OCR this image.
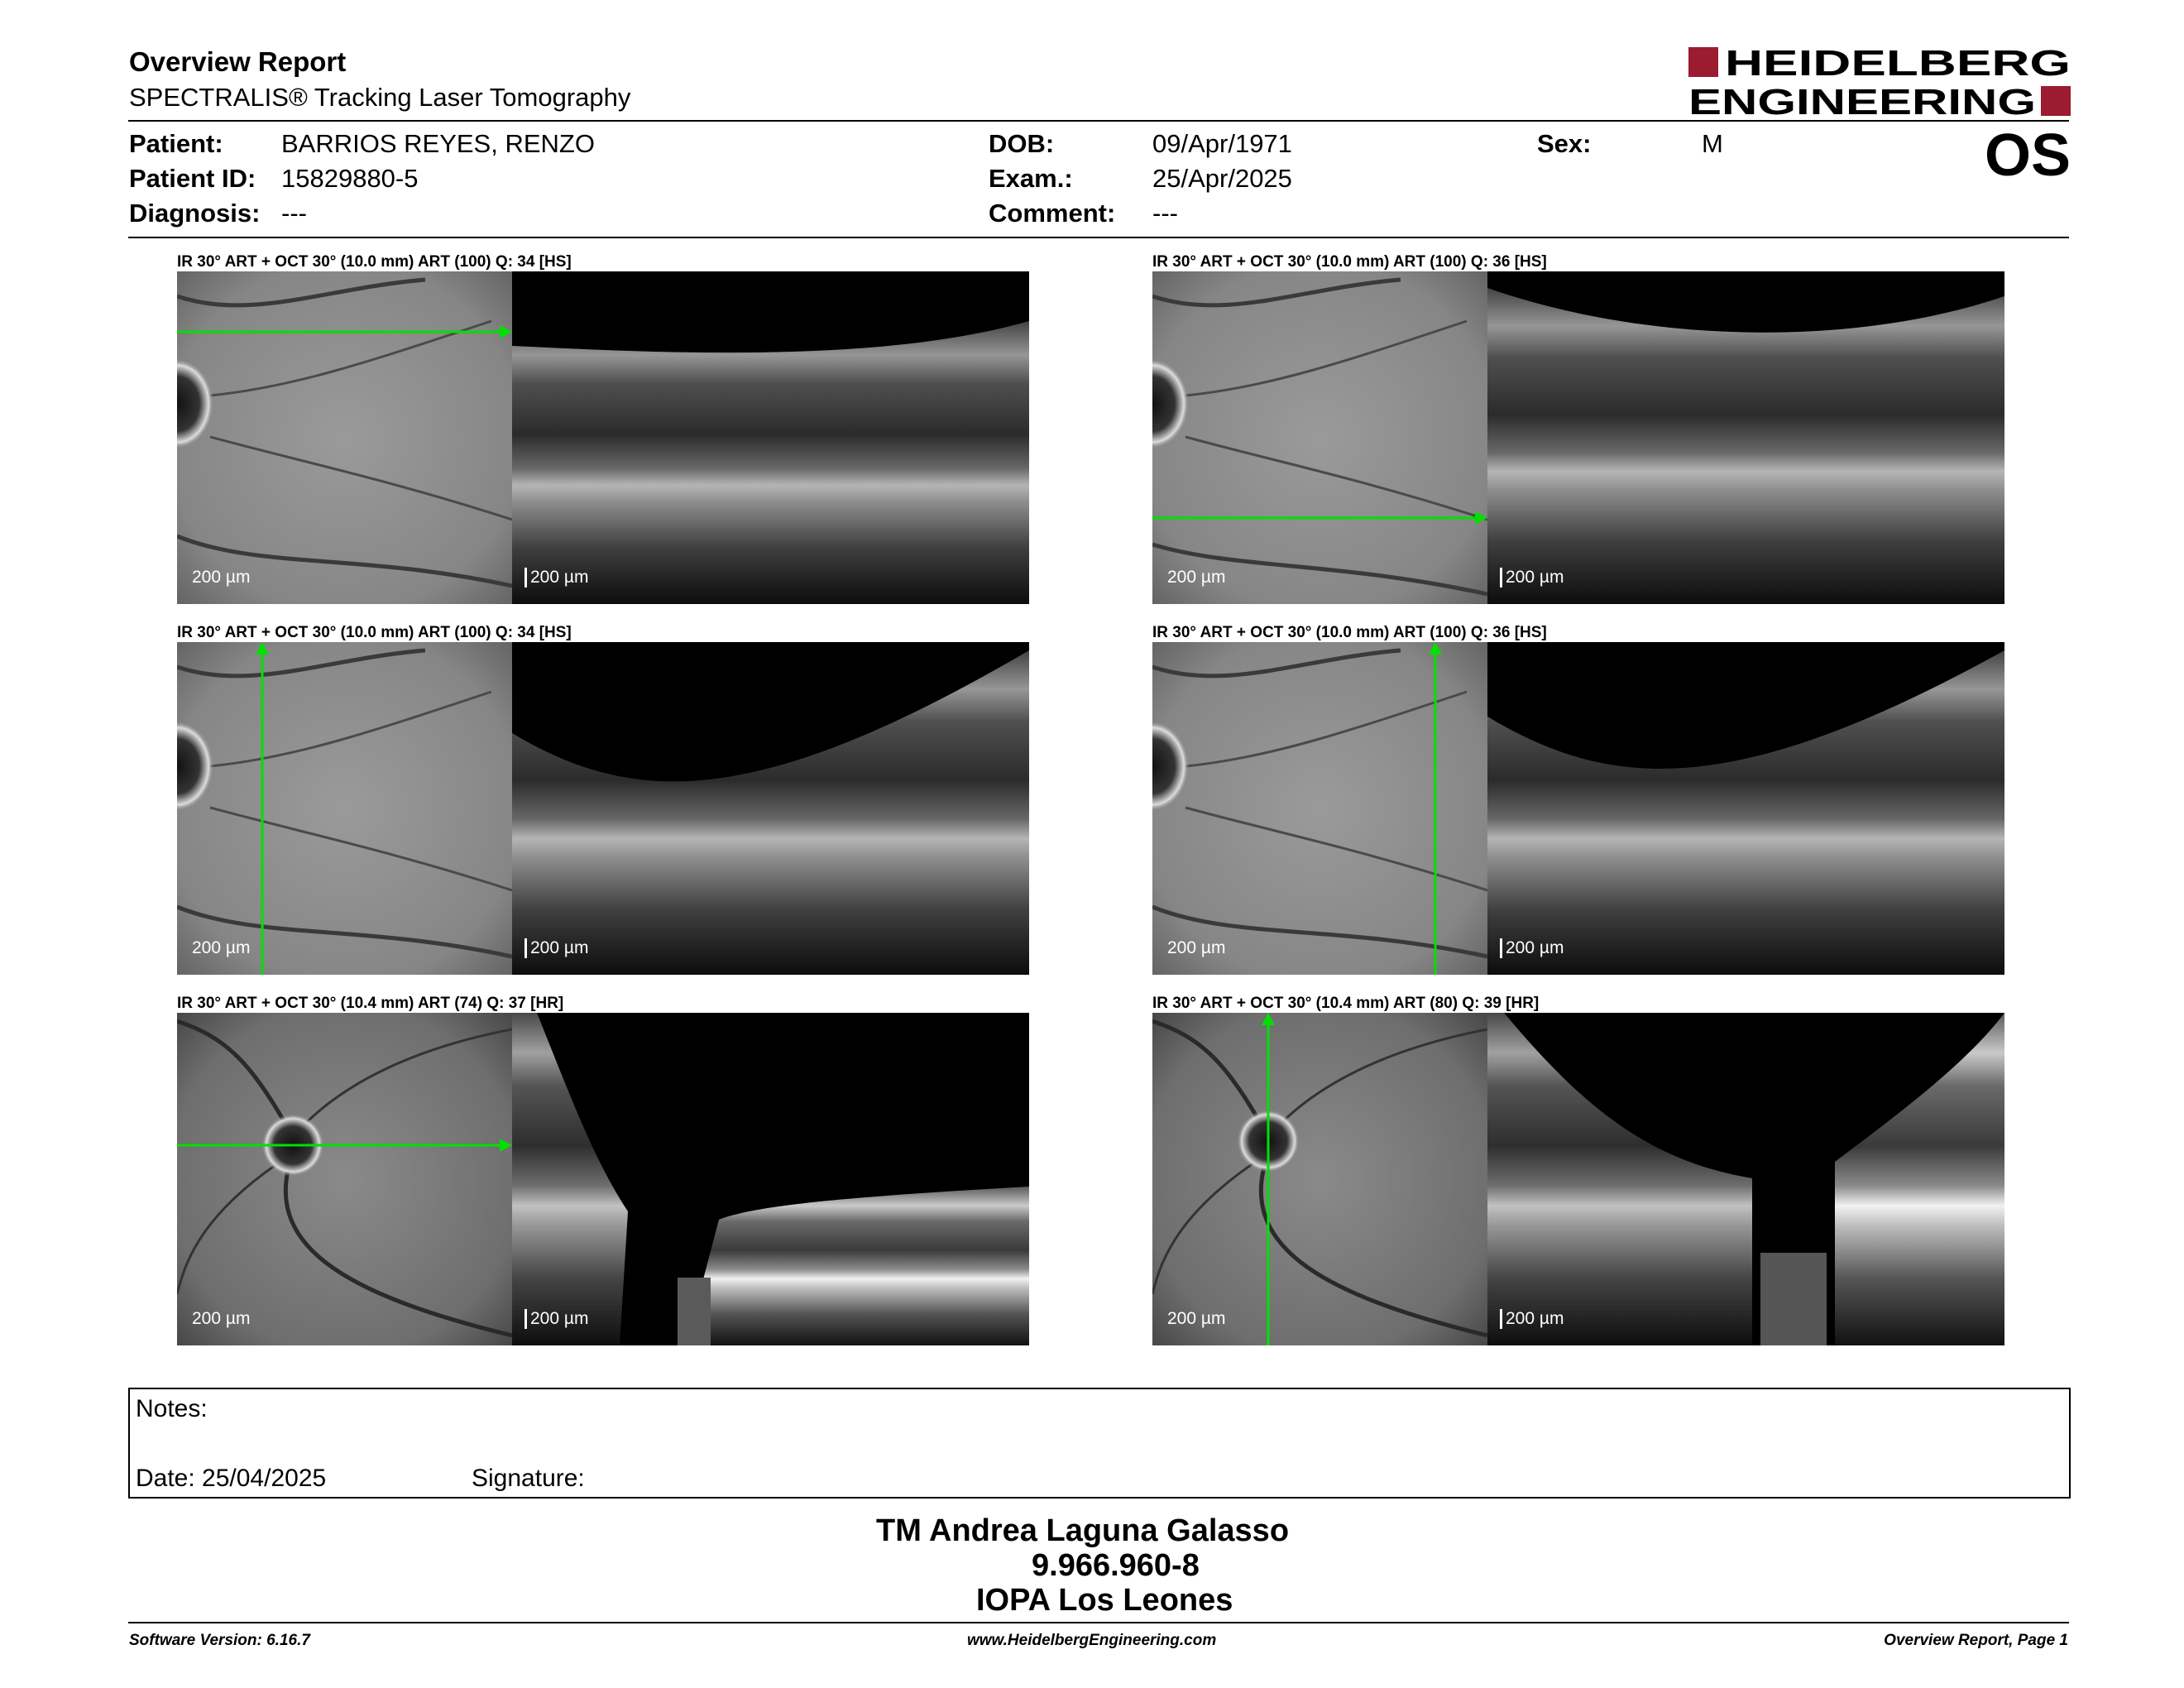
Overview Report
SPECTRALIS® Tracking Laser Tomography
HEIDELBERG
ENGINEERING
Patient: BARRIOS REYES, RENZO
Patient ID: 15829880-5
Diagnosis: ---
DOB:	09/Apr/1971
Exam.:	25/Apr/2025
Comment: ---
Sex:	M	OS
IR 30° ART + OCT 30° (10.0 mm) ART (100) Q: 34 [HS]
200 µm	200 µm
IR 30° ART + OCT 30° (10.0 mm) ART (100) Q: 36 [HS]
200 µm	200 µm
IR 30° ART + OCT 30° (10.0 mm) ART (100) Q: 34 [HS]
200 µm	200 µm
IR 30° ART + OCT 30° (10.0 mm) ART (100) Q: 36 [HS]
200 µm	200 µm
IR 30° ART + OCT 30° (10.4 mm) ART (74) Q: 37 [HR]
200 µm	200 µm
IR 30° ART + OCT 30° (10.4 mm) ART (80) Q: 39 [HR]
200 µm	200 µm
Notes:
Date: 25/04/2025	Signature:
TM Andrea Laguna Galasso
9.966.960-8
IOPA Los Leones
Software Version: 6.16.7	www.HeidelbergEngineering.com	Overview Report, Page 1
